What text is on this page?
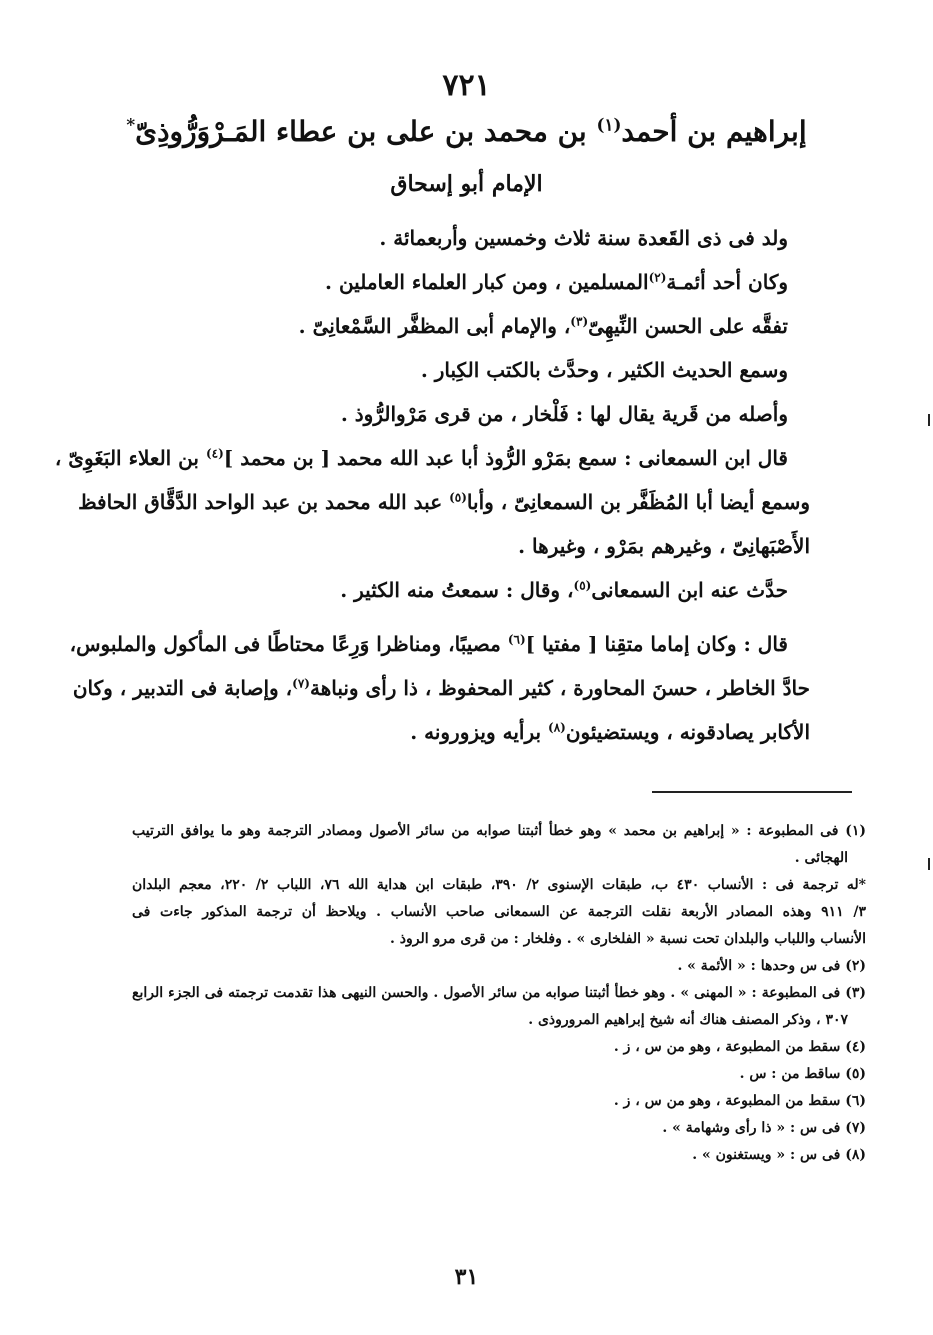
٧٢١
إبراهيم بن أحمد$^{(١)}$ بن محمد بن على بن عطاء المَـرْوَرُّوذِىّ*
الإمام أبو إسحاق
ولد فى ذى القَعدة سنة ثلاث وخمسين وأربعمائة .
وكان أحد أئمـة$^{(٢)}$المسلمين ، ومن كبار العلماء العاملين .
تفقَّه على الحسن النِّيهِىّ$^{(٣)}$، والإمام أبى المظفَّر السَّمْعانِىّ .
وسمع الحديث الكثير ، وحدَّث بالكتب الكِبار .
وأصله من قَرية يقال لها : فَلْخار ، من قرى مَرْوالرُّوذ .
قال ابن السمعانى : سمع بمَرْو الرُّوذ أبا عبد الله محمد [ بن محمد ]$^{(٤)}$ بن العلاء البَغَوِىّ ،
وسمع أيضا أبا المُظَفَّر بن السمعانِىّ ، وأبا$^{(٥)}$ عبد الله محمد بن عبد الواحد الدَّقَّاق الحافظ
الأَصْبَهانِىّ ، وغيرهم بمَرْو ، وغيرها .
حدَّث عنه ابن السمعانى$^{(٥)}$، وقال : سمعتُ منه الكثير .
قال : وكان إماما متقِنا [ مفتيا ]$^{(٦)}$ مصيبًا، ومناظرا وَرِعًا محتاطًا فى المأكول والملبوس،
حادَّ الخاطر ، حسنَ المحاورة ، كثير المحفوظ ، ذا رأى ونباهة$^{(٧)}$، وإصابة فى التدبير ، وكان
الأكابر يصادقونه ، ويستضيئون$^{(٨)}$ برأيه ويزورونه .
(١) فى المطبوعة : « إبراهيم بن محمد » وهو خطأ أثبتنا صوابه من سائر الأصول ومصادر الترجمة وهو ما يوافق الترتيب
الهجائى .
*له ترجمة فى : الأنساب ٤٣٠ ب، طبقات الإسنوى ٢/ ٣٩٠، طبقات ابن هداية الله ٧٦، اللباب ٢/ ٢٢٠، معجم البلدان
٣/ ٩١١ وهذه المصادر الأربعة نقلت الترجمة عن السمعانى صاحب الأنساب . ويلاحظ أن ترجمة المذكور جاءت فى
الأنساب واللباب والبلدان تحت نسبة « الفلخارى » . وفلخار : من قرى مرو الروذ .
(٢) فى س وحدها : « الأئمة » .
(٣) فى المطبوعة : « المهنى » . وهو خطأ أثبتنا صوابه من سائر الأصول . والحسن النيهى هذا تقدمت ترجمته فى الجزء الرابع
٣٠٧ ، وذكر المصنف هناك أنه شيخ إبراهيم المروروذى .
(٤) سقط من المطبوعة ، وهو من س ، ز .
(٥) ساقط من : س .
(٦) سقط من المطبوعة ، وهو من س ، ز .
(٧) فى س : « ذا رأى وشهامة » .
(٨) فى س : « ويستغنون » .
٣١
